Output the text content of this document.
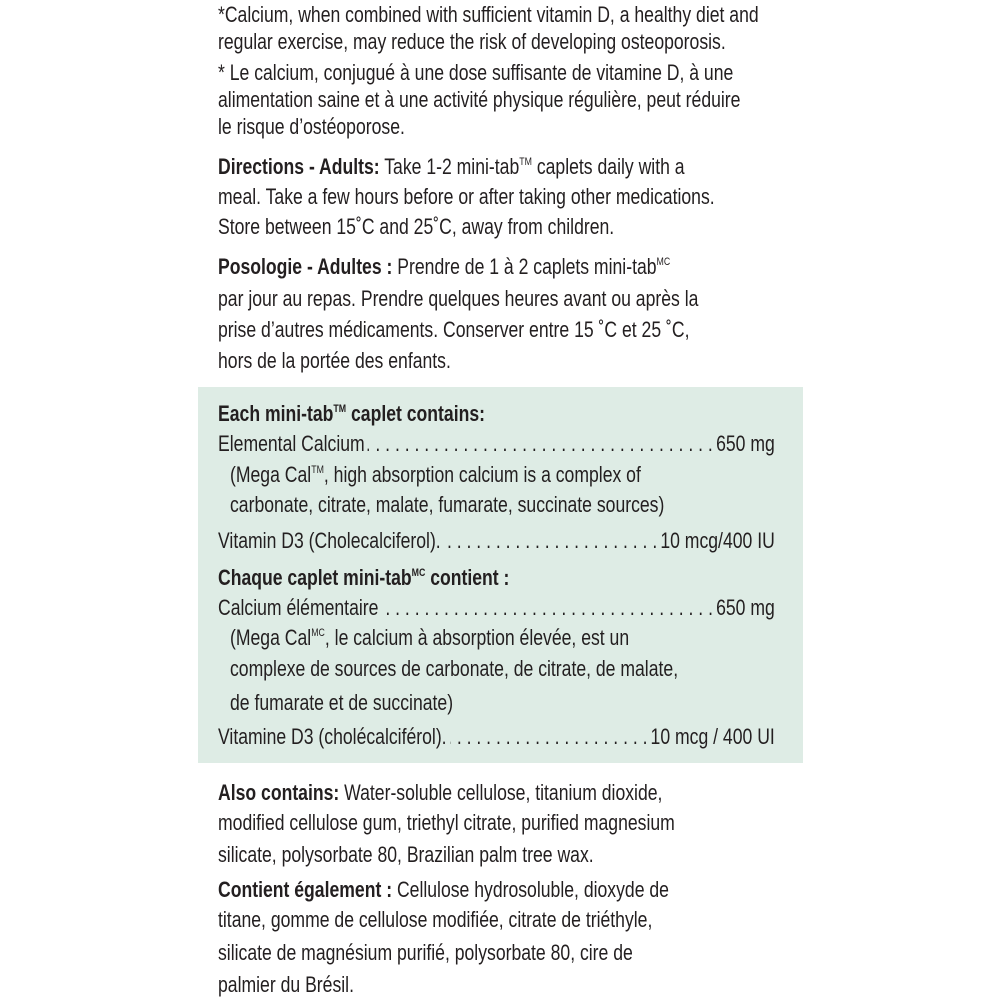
*Calcium, when combined with sufficient vitamin D, a healthy diet and
regular exercise, may reduce the risk of developing osteoporosis.
* Le calcium, conjugué à une dose suffisante de vitamine D, à une
alimentation saine et à une activité physique régulière, peut réduire
le risque d’ostéoporose.
Directions - Adults: Take 1-2 mini-tab™ caplets daily with a
meal. Take a few hours before or after taking other medications.
Store between 15˚C and 25˚C, away from children.
Posologie - Adultes : Prendre de 1 à 2 caplets mini-tab$^{MC}$
par jour au repas. Prendre quelques heures avant ou après la
prise d’autres médicaments. Conserver entre 15 ˚C et 25 ˚C,
hors de la portée des enfants.
Each mini-tab™ caplet contains:
Elemental Calcium . . .	650 mg
(Mega Cal™, high absorption calcium is a complex of
carbonate, citrate, malate, fumarate, succinate sources)
Vitamin D3 (Cholecalciferol). . . .	10 mcg/400 IU
Chaque caplet mini-tab$^{MC}$ contient :
Calcium élémentaire . . .	650 mg
(Mega Cal$^{MC}$, le calcium à absorption élevée, est un
complexe de sources de carbonate, de citrate, de malate,
de fumarate et de succinate)
Vitamine D3 (cholécalciférol). . . .	10 mcg / 400 UI
Also contains: Water-soluble cellulose, titanium dioxide,
modified cellulose gum, triethyl citrate, purified magnesium
silicate, polysorbate 80, Brazilian palm tree wax.
Contient également : Cellulose hydrosoluble, dioxyde de
titane, gomme de cellulose modifiée, citrate de triéthyle,
silicate de magnésium purifié, polysorbate 80, cire de
palmier du Brésil.
